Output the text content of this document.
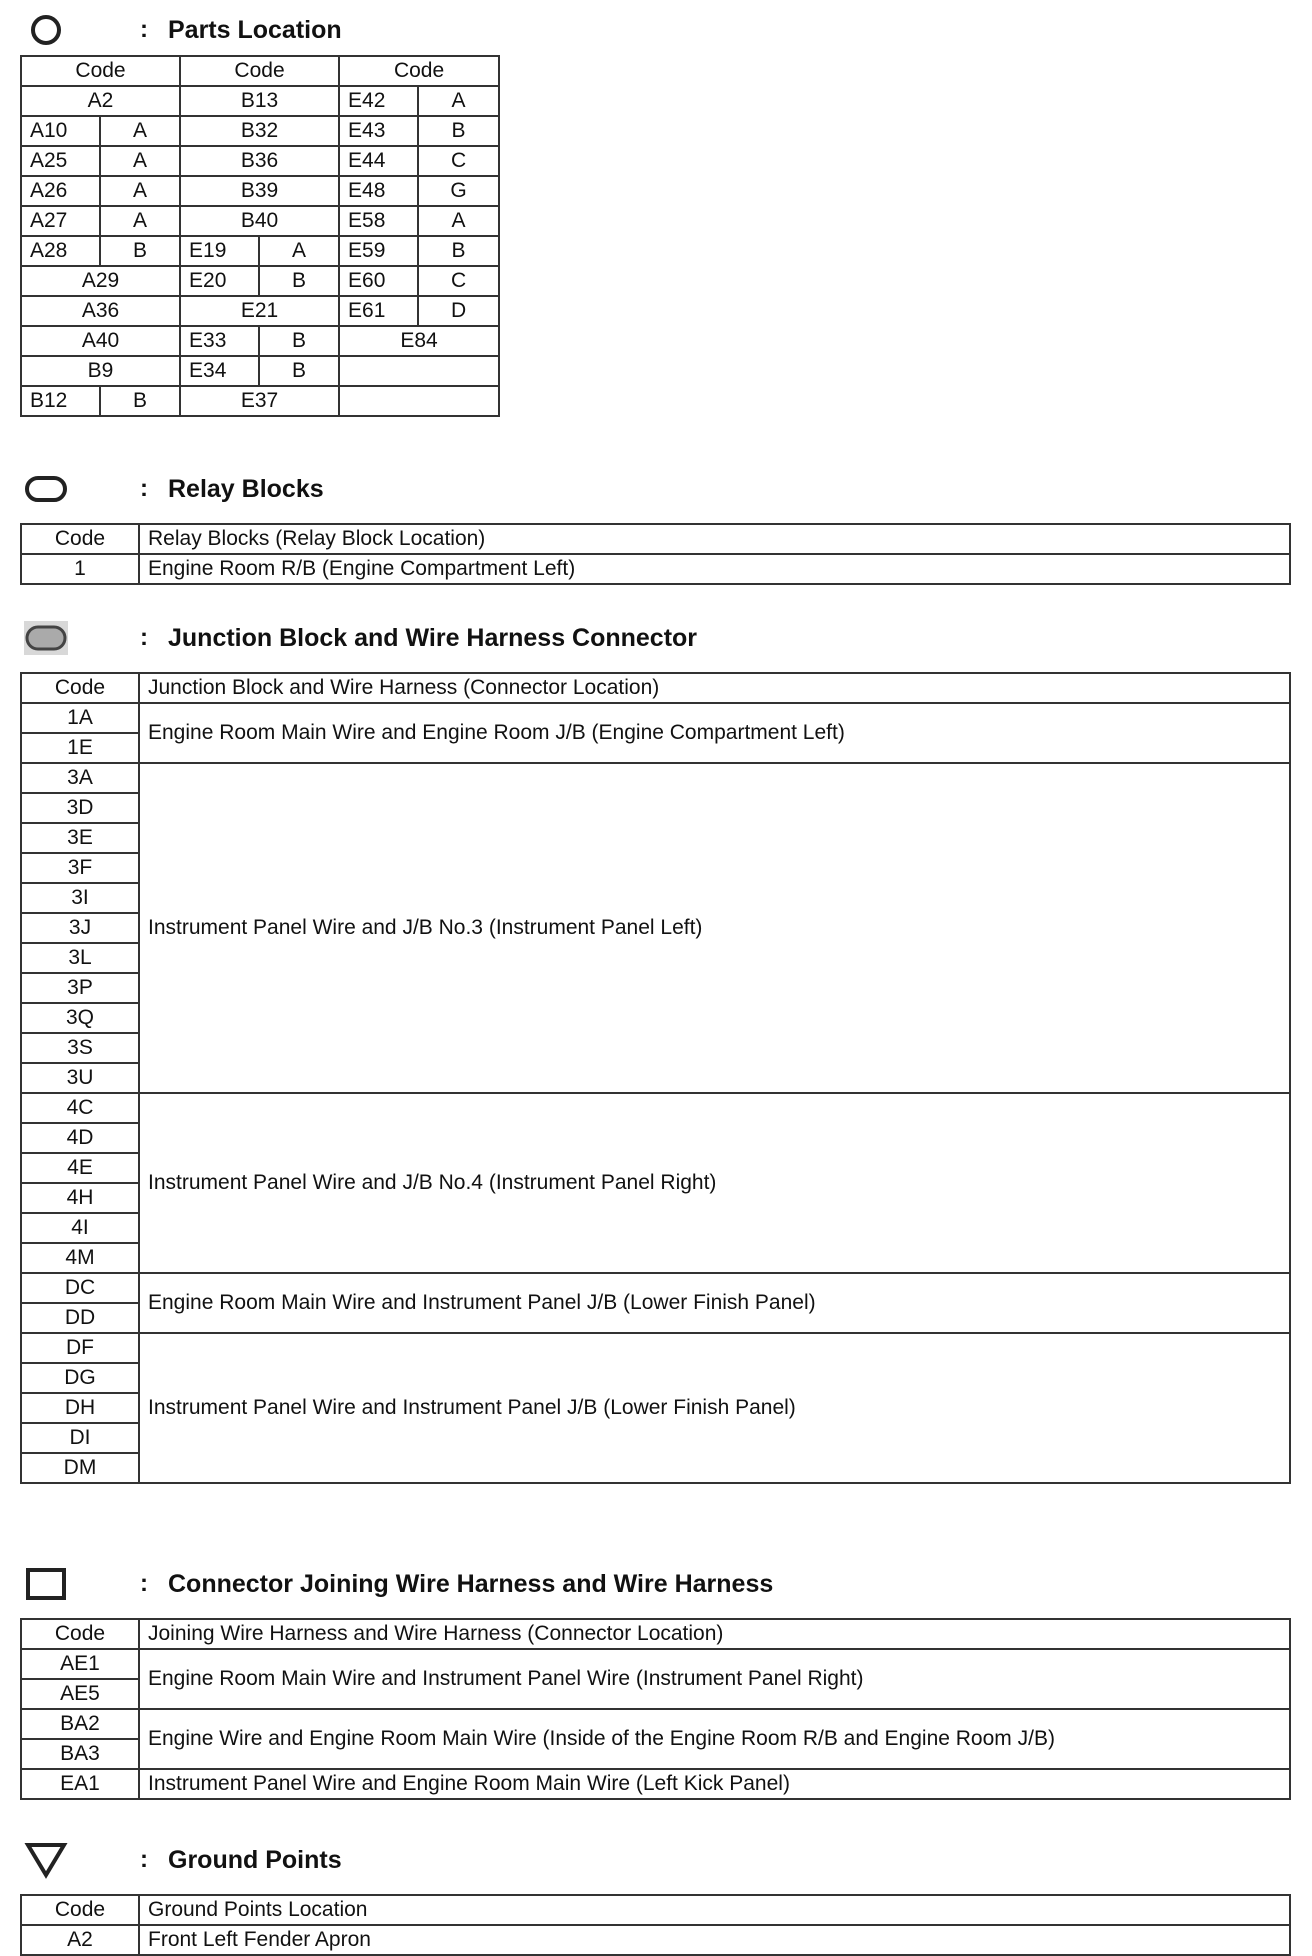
: Parts Location
Code		Code		Code	
A2		B13		E42	A
A10	A	B32		E43	B
A25	A	B36		E44	C
A26	A	B39		E48	G
A27	A	B40		E58	A
A28	B	E19	A	E59	B
A29		E20	B	E60	C
A36		E21		E61	D
A40		E33	B	E84	
B9		E34	B		
B12	B	E37			
: Relay Blocks
Code	Relay Blocks (Relay Block Location)
1	Engine Room R/B (Engine Compartment Left)
: Junction Block and Wire Harness Connector
Code	Junction Block and Wire Harness (Connector Location)
1A	Engine Room Main Wire and Engine Room J/B (Engine Compartment Left)
1E	
3A	Instrument Panel Wire and J/B No.3 (Instrument Panel Left)
3D	
3E	
3F	
3I	
3J	
3L	
3P	
3Q	
3S	
3U	
4C	Instrument Panel Wire and J/B No.4 (Instrument Panel Right)
4D	
4E	
4H	
4I	
4M	
DC	Engine Room Main Wire and Instrument Panel J/B (Lower Finish Panel)
DD	
DF	Instrument Panel Wire and Instrument Panel J/B (Lower Finish Panel)
DG	
DH	
DI	
DM	
: Connector Joining Wire Harness and Wire Harness
Code	Joining Wire Harness and Wire Harness (Connector Location)
AE1	Engine Room Main Wire and Instrument Panel Wire (Instrument Panel Right)
AE5	
BA2	Engine Wire and Engine Room Main Wire (Inside of the Engine Room R/B and Engine Room J/B)
BA3	
EA1	Instrument Panel Wire and Engine Room Main Wire (Left Kick Panel)
: Ground Points
Code	Ground Points Location
A2	Front Left Fender Apron
